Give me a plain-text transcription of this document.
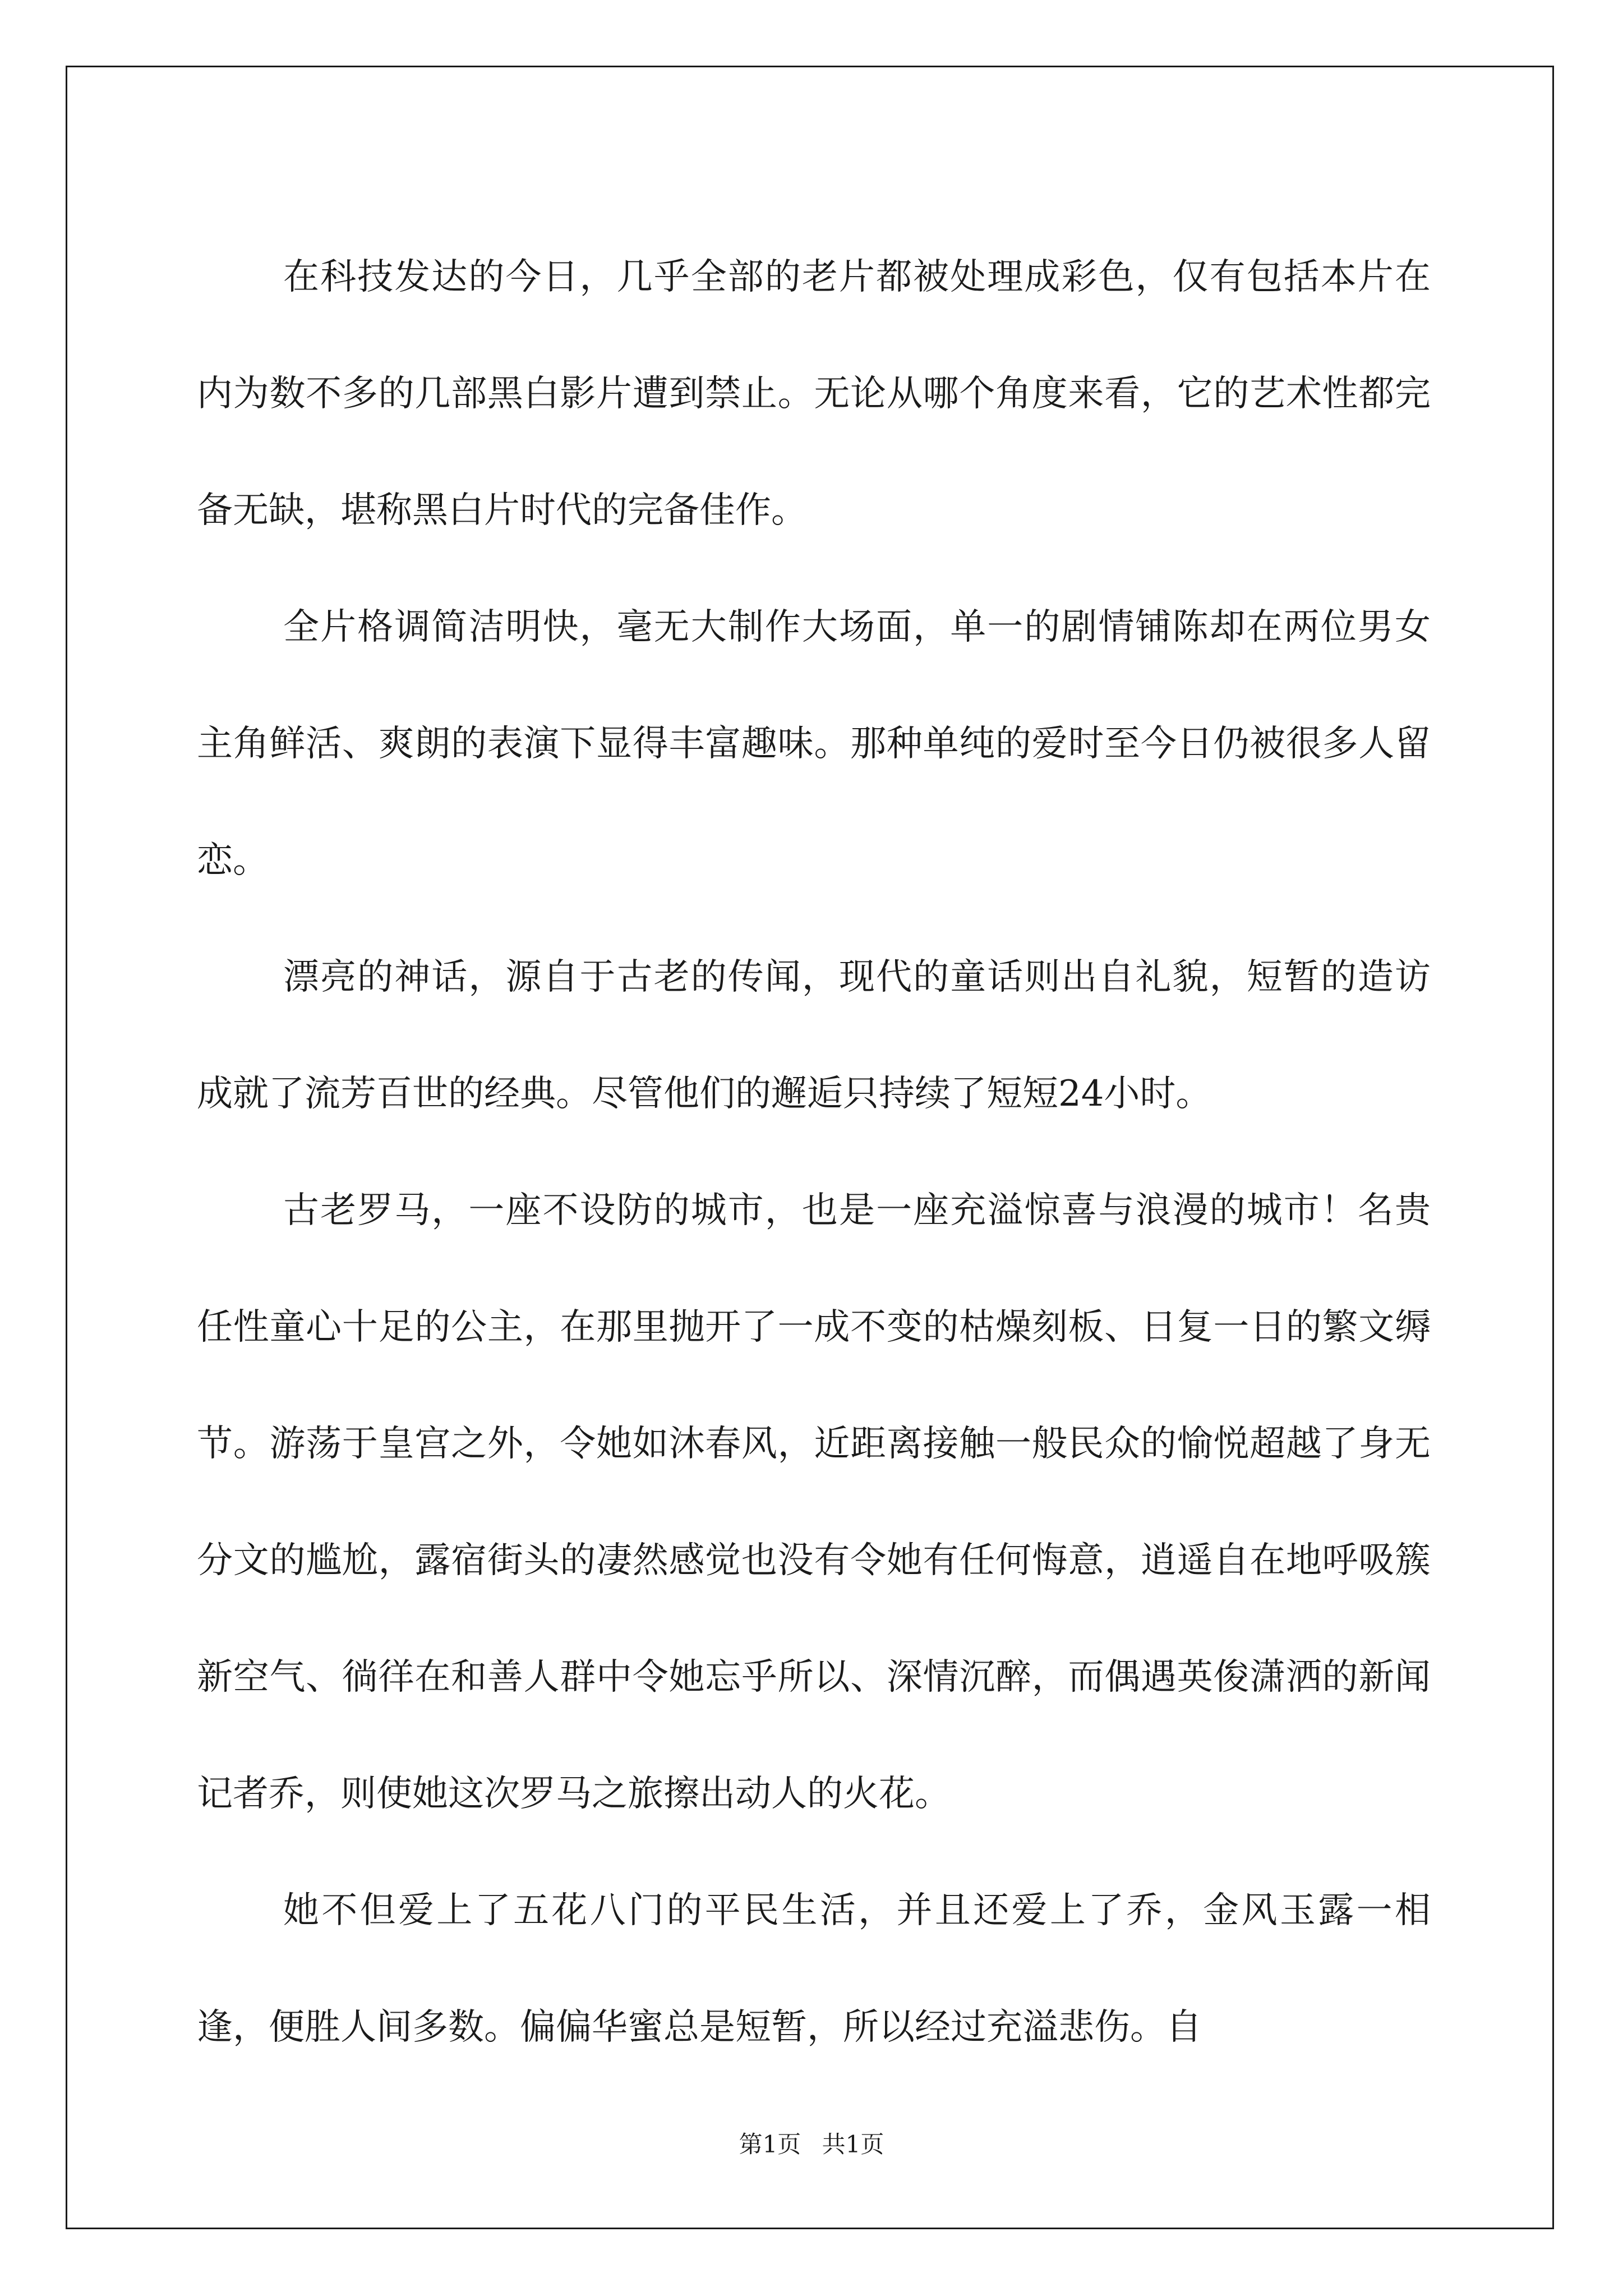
在科技发达的今日，几乎全部的老片都被处理成彩色，仅有包括本片在内为数不多的几部黑白影片遭到禁止。无论从哪个角度来看，它的艺术性都完备无缺，堪称黑白片时代的完备佳作。

全片格调简洁明快，毫无大制作大场面，单一的剧情铺陈却在两位男女主角鲜活、爽朗的表演下显得丰富趣味。那种单纯的爱时至今日仍被很多人留恋。

漂亮的神话，源自于古老的传闻，现代的童话则出自礼貌，短暂的造访成就了流芳百世的经典。尽管他们的邂逅只持续了短短24小时。

古老罗马，一座不设防的城市，也是一座充溢惊喜与浪漫的城市！名贵任性童心十足的公主，在那里抛开了一成不变的枯燥刻板、日复一日的繁文缛节。游荡于皇宫之外，令她如沐春风，近距离接触一般民众的愉悦超越了身无分文的尴尬，露宿街头的凄然感觉也没有令她有任何悔意，逍遥自在地呼吸簇新空气、徜徉在和善人群中令她忘乎所以、深情沉醉，而偶遇英俊潇洒的新闻记者乔，则使她这次罗马之旅擦出动人的火花。

她不但爱上了五花八门的平民生活，并且还爱上了乔，金风玉露一相逢，便胜人间多数。偏偏华蜜总是短暂，所以经过充溢悲伤。自

第1页 共1页
